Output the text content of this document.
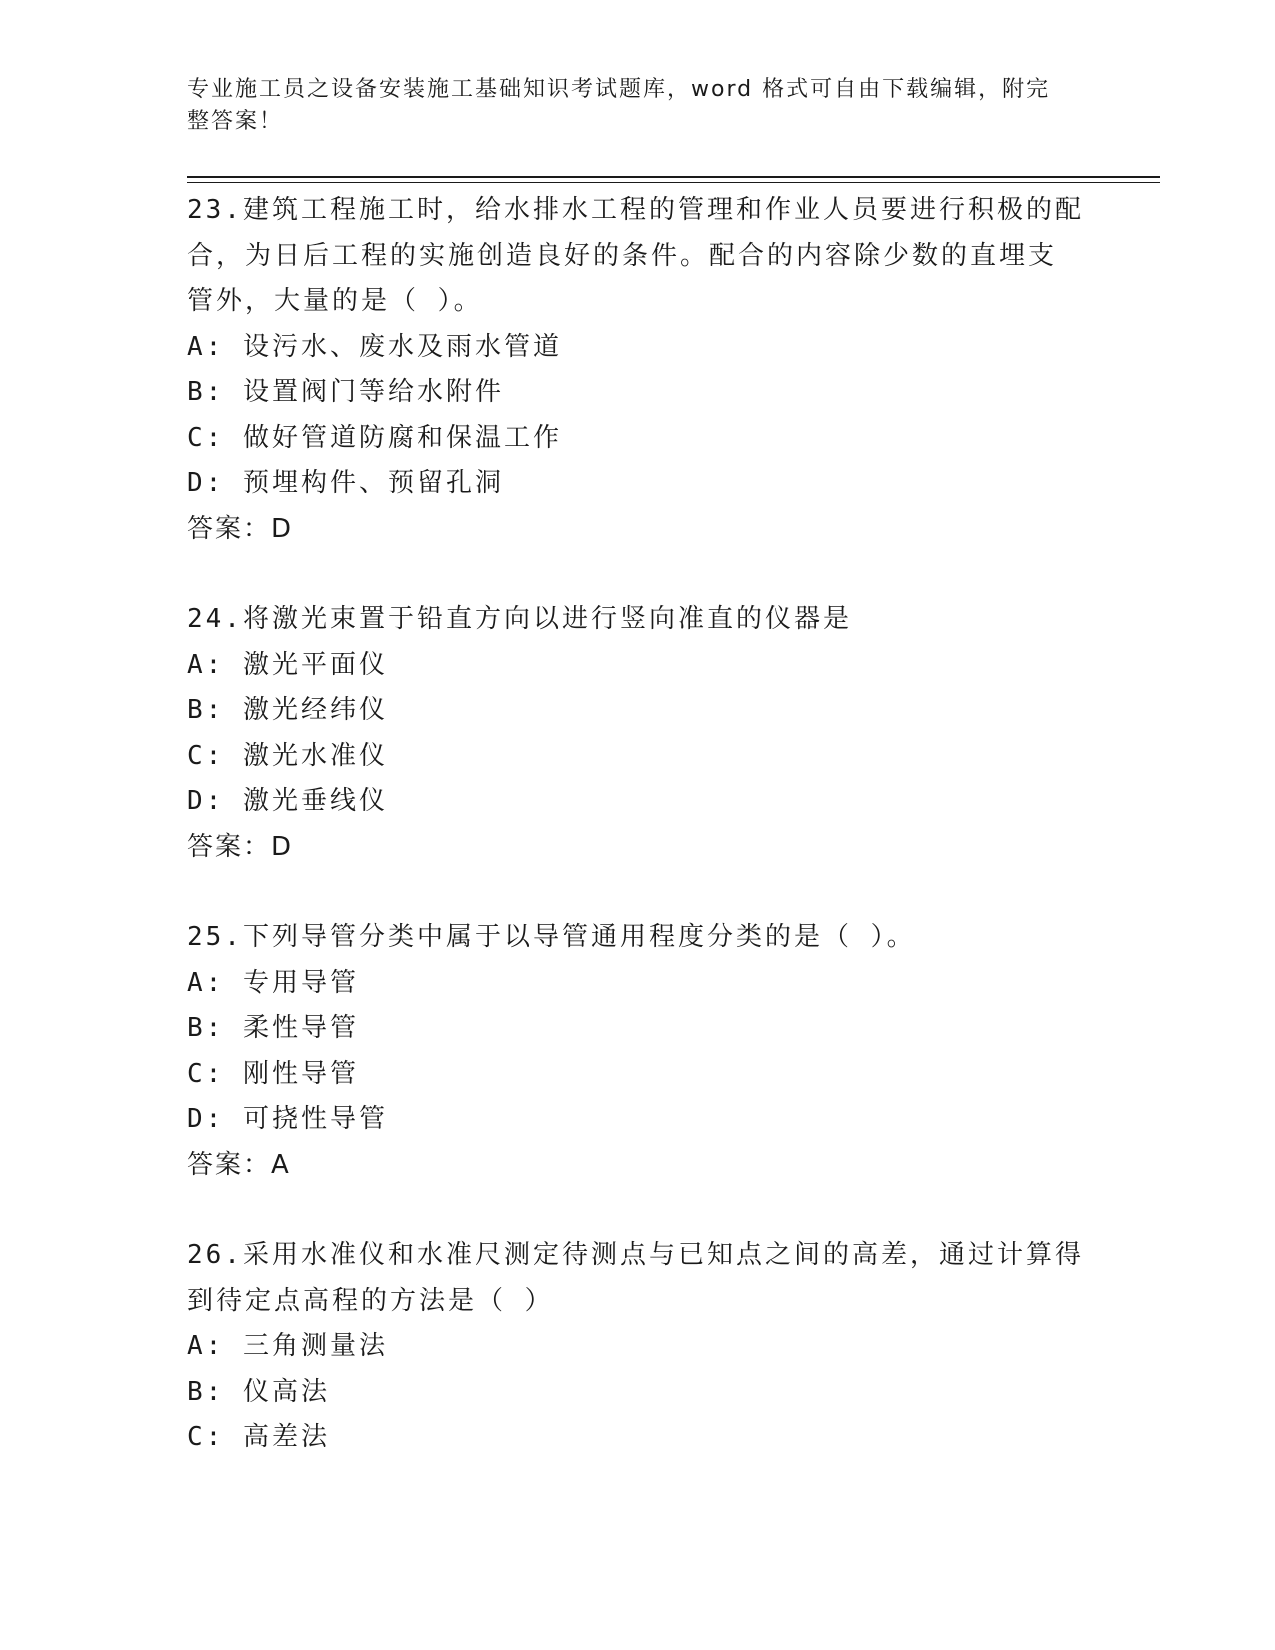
专业施工员之设备安装施工基础知识考试题库，word 格式可自由下载编辑，附完
整答案！

23.建筑工程施工时，给水排水工程的管理和作业人员要进行积极的配

合，为日后工程的实施创造良好的条件。配合的内容除少数的直埋支

管外，大量的是（ ）。

A: 设污水、废水及雨水管道

B: 设置阀门等给水附件

C: 做好管道防腐和保温工作

D: 预埋构件、预留孔洞

答案：D

24.将激光束置于铅直方向以进行竖向准直的仪器是

A: 激光平面仪

B: 激光经纬仪

C: 激光水准仪

D: 激光垂线仪

答案：D

25.下列导管分类中属于以导管通用程度分类的是（ ）。

A: 专用导管

B: 柔性导管

C: 刚性导管

D: 可挠性导管

答案：A

26.采用水准仪和水准尺测定待测点与已知点之间的高差，通过计算得

到待定点高程的方法是（ ）

A: 三角测量法

B: 仪高法

C: 高差法
